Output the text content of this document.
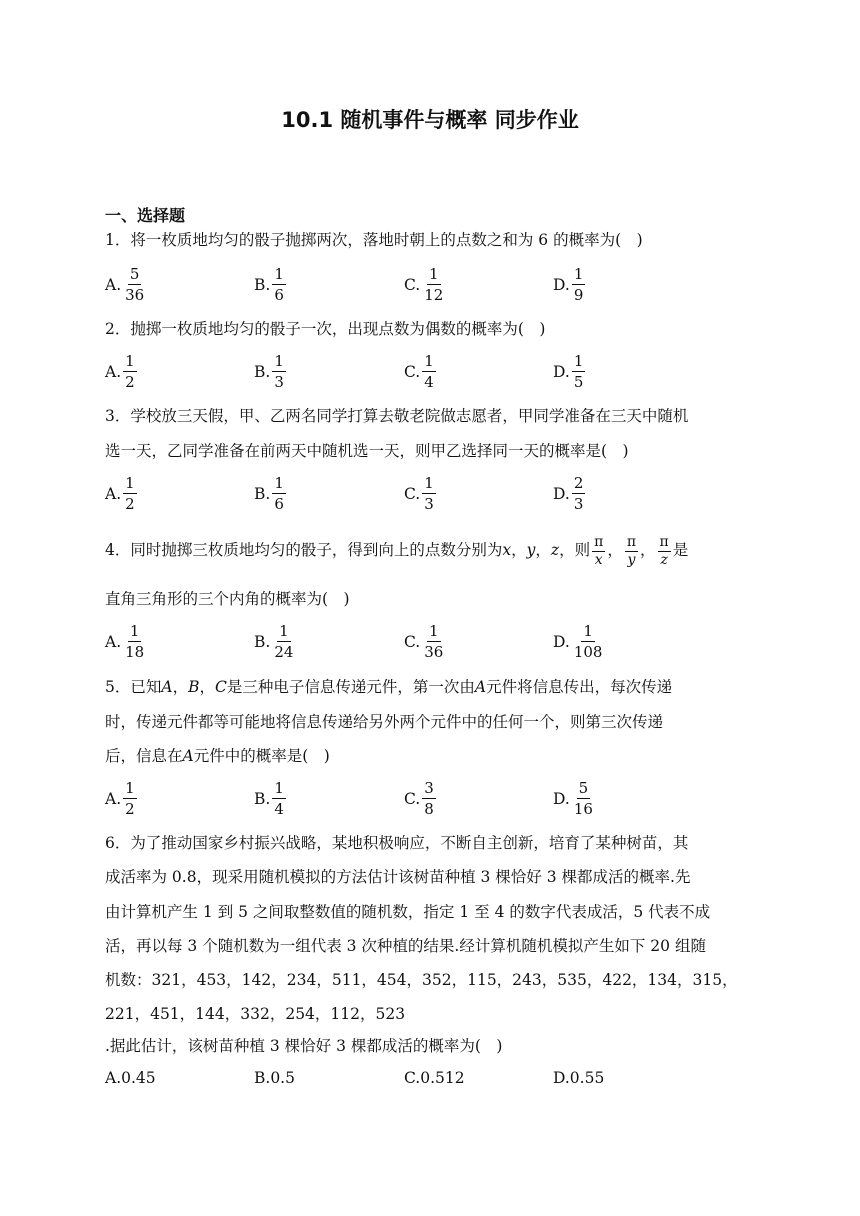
10.1 随机事件与概率 同步作业
一、选择题
1．将一枚质地均匀的骰子抛掷两次，落地时朝上的点数之和为 6 的概率为(　)
A. $\frac{5}{36}$	B. $\frac{1}{6}$	C. $\frac{1}{12}$	D. $\frac{1}{9}$
2．抛掷一枚质地均匀的骰子一次，出现点数为偶数的概率为(　)
A. $\frac{1}{2}$	B. $\frac{1}{3}$	C. $\frac{1}{4}$	D. $\frac{1}{5}$
3．学校放三天假，甲、乙两名同学打算去敬老院做志愿者，甲同学准备在三天中随机
选一天，乙同学准备在前两天中随机选一天，则甲乙选择同一天的概率是(　)
A. $\frac{1}{2}$	B. $\frac{1}{6}$	C. $\frac{1}{3}$	D. $\frac{2}{3}$
4．同时抛掷三枚质地均匀的骰子，得到向上的点数分别为x，y，z，则 $\frac{\pi}{x}$ ， $\frac{\pi}{y}$ ， $\frac{\pi}{z}$ 是
直角三角形的三个内角的概率为(　)
A. $\frac{1}{18}$	B. $\frac{1}{24}$	C. $\frac{1}{36}$	D. $\frac{1}{108}$
5．已知A，B，C是三种电子信息传递元件，第一次由A元件将信息传出，每次传递
时，传递元件都等可能地将信息传递给另外两个元件中的任何一个，则第三次传递
后，信息在A元件中的概率是(　)
A. $\frac{1}{2}$	B. $\frac{1}{4}$	C. $\frac{3}{8}$	D. $\frac{5}{16}$
6．为了推动国家乡村振兴战略，某地积极响应，不断自主创新，培育了某种树苗，其
成活率为 0.8，现采用随机模拟的方法估计该树苗种植 3 棵恰好 3 棵都成活的概率.先
由计算机产生 1 到 5 之间取整数值的随机数，指定 1 至 4 的数字代表成活，5 代表不成
活，再以每 3 个随机数为一组代表 3 次种植的结果.经计算机随机模拟产生如下 20 组随
机数：321，453，142，234，511，454，352，115，243，535，422，134，315，
221，451，144，332，254，112，523
.据此估计，该树苗种植 3 棵恰好 3 棵都成活的概率为(　)
A.0.45	B.0.5	C.0.512	D.0.55
